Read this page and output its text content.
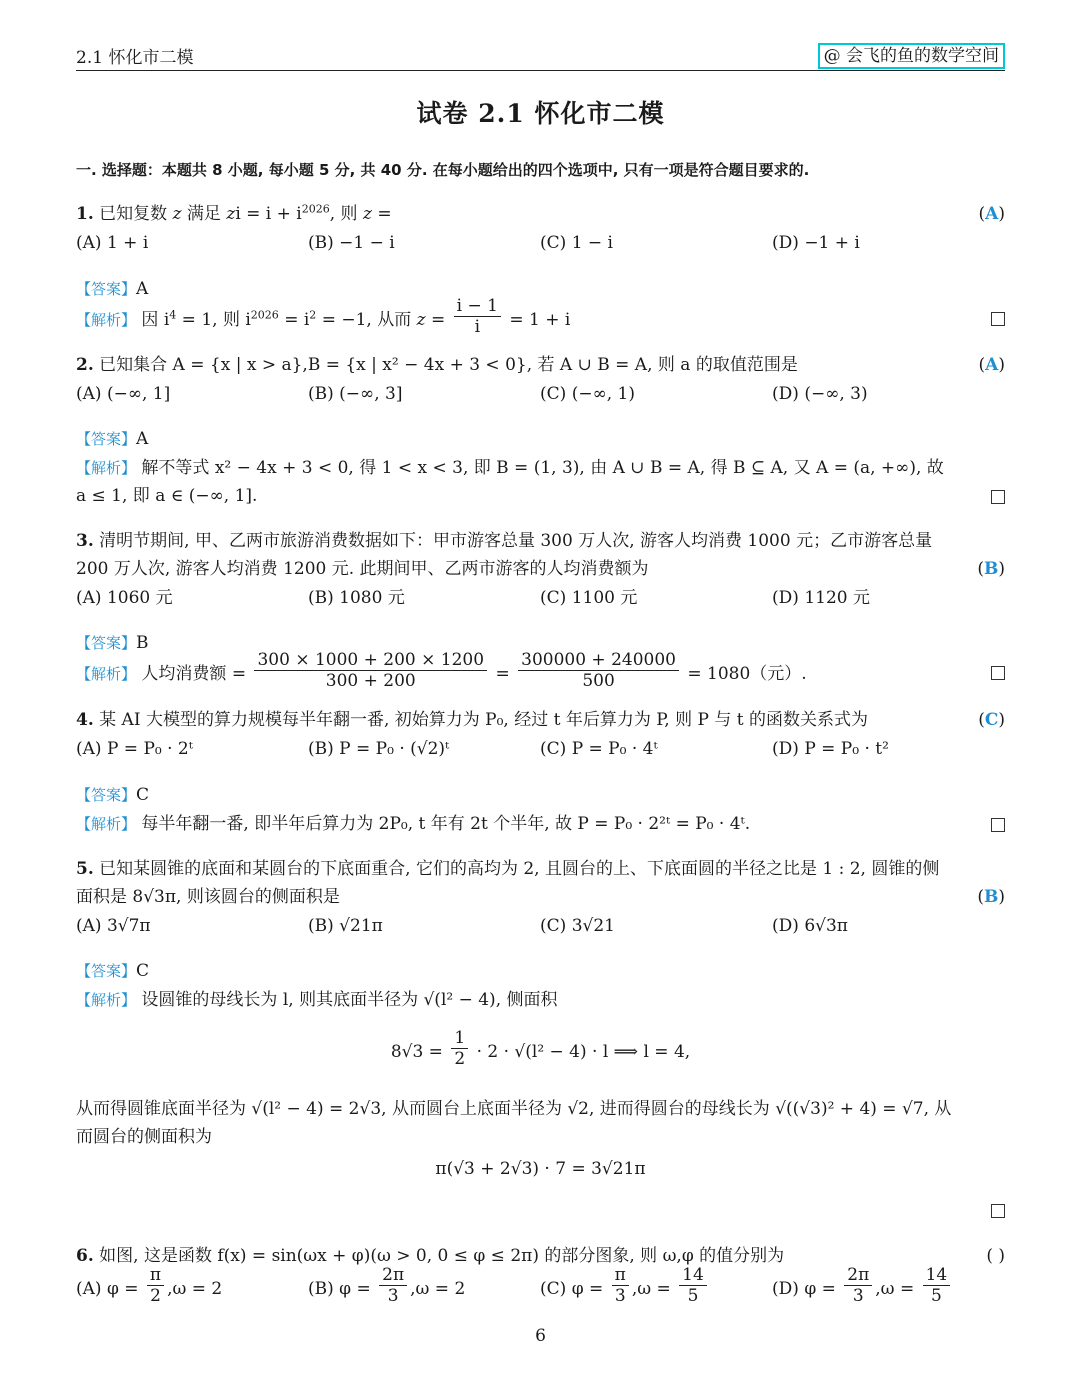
2.1 怀化市二模	@ 会飞的鱼的数学空间
试卷 2.1 怀化市二模
一. 选择题：本题共 8 小题, 每小题 5 分, 共 40 分. 在每小题给出的四个选项中, 只有一项是符合题目要求的.
1. 已知复数 z 满足 zi = $i + i^{2026}$, 则 z =	(A)
(A) 1 + i	(B) −1 − i	(C) 1 − i	(D) −1 + i
【答案】A
【解析】 因 $i^4 = 1$, 则 $i^{2026} = i^2 = -1$, 从而 $z = \frac{i - 1}{i} = 1 + i$
2. 已知集合 A = {x | x > a},B = {x | x² − 4x + 3 < 0}, 若 A ∪ B = A, 则 a 的取值范围是	(A)
(A) (−∞, 1]	(B) (−∞, 3]	(C) (−∞, 1)	(D) (−∞, 3)
【答案】A
【解析】 解不等式 x² − 4x + 3 < 0, 得 1 < x < 3, 即 B = (1, 3), 由 A ∪ B = A, 得 B ⊆ A, 又 A = (a, +∞), 故
a ≤ 1, 即 a ∈ (−∞, 1].
3. 清明节期间, 甲、乙两市旅游消费数据如下：甲市游客总量 300 万人次, 游客人均消费 1000 元；乙市游客总量
200 万人次, 游客人均消费 1200 元. 此期间甲、乙两市游客的人均消费额为	(B)
(A) 1060 元	(B) 1080 元	(C) 1100 元	(D) 1120 元
【答案】B
【解析】 人均消费额 = $\frac{300 \times 1000 + 200 \times 1200}{300 + 200} = \frac{300000 + 240000}{500} = 1080$（元）.
4. 某 AI 大模型的算力规模每半年翻一番, 初始算力为 P₀, 经过 t 年后算力为 P, 则 P 与 t 的函数关系式为	(C)
(A) P = P₀ · 2ᵗ	(B) P = P₀ · (√2)ᵗ	(C) P = P₀ · 4ᵗ	(D) P = P₀ · t²
【答案】C
【解析】 每半年翻一番, 即半年后算力为 2P₀, t 年有 2t 个半年, 故 P = P₀ · 2²ᵗ = P₀ · 4ᵗ.
5. 已知某圆锥的底面和某圆台的下底面重合, 它们的高均为 2, 且圆台的上、下底面圆的半径之比是 1 : 2, 圆锥的侧
面积是 8√3π, 则该圆台的侧面积是	(B)
(A) 3√7π	(B) √21π	(C) 3√21	(D) 6√3π
【答案】C
【解析】 设圆锥的母线长为 l, 则其底面半径为 √(l² − 4), 侧面积
$8√3 = \frac{1}{2} \cdot 2 \cdot √(l^2 - 4) \cdot l$ ⟹ l = 4,
从而得圆锥底面半径为 √(l² − 4) = 2√3, 从而圆台上底面半径为 √2, 进而得圆台的母线长为 √((√3)² + 4) = √7, 从
而圆台的侧面积为
π(√3 + 2√3) · 7 = 3√21π
6. 如图, 这是函数 f(x) = sin(ωx + φ)(ω > 0, 0 ≤ φ ≤ 2π) 的部分图象, 则 ω,φ 的值分别为	( )
(A) $\varphi = \frac{\pi}{2} ,\omega = 2$	(B) $\varphi = \frac{2\pi}{3} ,\omega = 2$	(C) $\varphi = \frac{\pi}{3} ,\omega = \frac{14}{5}$	(D) $\varphi = \frac{2\pi}{3} ,\omega = \frac{14}{5}$
6
